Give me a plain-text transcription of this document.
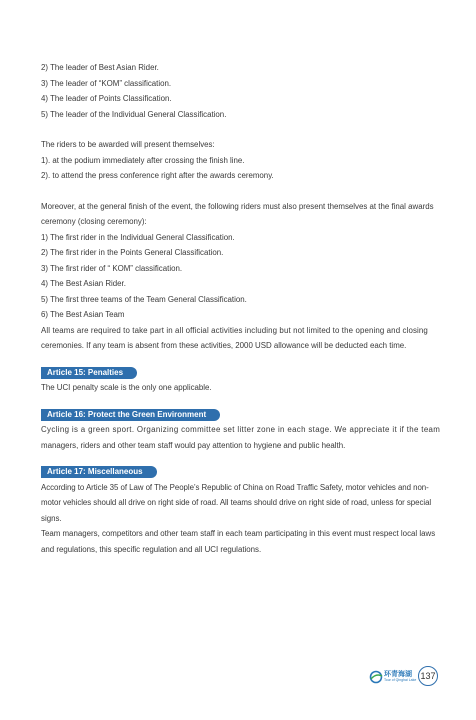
2) The leader of Best Asian Rider.

3) The leader of “KOM” classification.

4) The leader of Points Classification.

5) The leader of the Individual General Classification.

The riders to be awarded will present themselves:

1). at the podium immediately after crossing the finish line.

2). to attend the press conference right after the awards ceremony.

Moreover, at the general finish of the event, the following riders must also present themselves at the final awards

ceremony (closing ceremony):

1) The first rider in the Individual General Classification.

2) The first rider in the Points General Classification.

3) The first rider of “ KOM” classification.

4) The Best Asian Rider.

5) The first three teams of the Team General Classification.

6) The Best Asian Team

All teams are required to take part in all official activities including but not limited to the opening and closing

ceremonies. If any team is absent from these activities, 2000 USD allowance will be deducted each time.

Article 15: Penalties

The UCI penalty scale is the only one applicable.

Article 16: Protect the Green Environment

Cycling is a green sport. Organizing committee set litter zone in each stage. We appreciate it if the team

managers, riders and other team staff would pay attention to hygiene and public health.

Article 17: Miscellaneous

According to Article 35 of Law of The People’s Republic of China on Road Traffic Safety, motor vehicles and non-

motor vehicles should all drive on right side of road. All teams should drive on right side of road, unless for special

signs.

Team managers, competitors and other team staff in each team participating in this event must respect local laws

and regulations, this specific regulation and all UCI regulations.

环青海湖
Tour of Qinghai Lake 137
